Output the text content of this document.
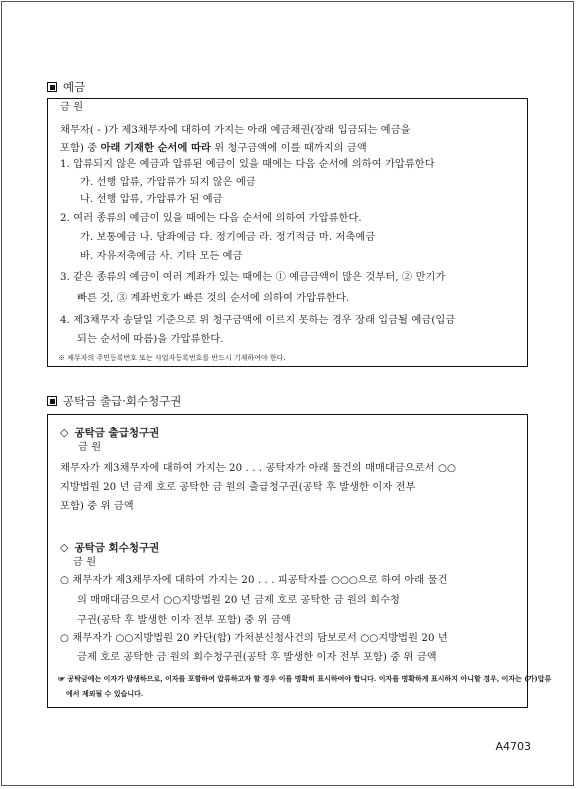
예금
금 원
채무자( - )가 제3채무자에 대하여 가지는 아래 예금채권(장래 입금되는 예금을
포함) 중 아래 기재한 순서에 따라 위 청구금액에 이를 때까지의 금액
1. 압류되지 않은 예금과 압류된 예금이 있을 때에는 다음 순서에 의하여 가압류한다
가. 선행 압류, 가압류가 되지 않은 예금
나. 선행 압류, 가압류가 된 예금
2. 여러 종류의 예금이 있을 때에는 다음 순서에 의하여 가압류한다.
가. 보통예금 나. 당좌예금 다. 정기예금 라. 정기적금 마. 저축예금
바. 자유저축예금 사. 기타 모든 예금
3. 같은 종류의 예금이 여러 계좌가 있는 때에는 ① 예금금액이 많은 것부터, ② 만기가
빠른 것, ③ 계좌번호가 빠른 것의 순서에 의하여 가압류한다.
4. 제3채무자 송달일 기준으로 위 청구금액에 이르지 못하는 경우 장래 입금될 예금(입금
되는 순서에 따름)을 가압류한다.
※ 채무자의 주민등록번호 또는 사업자등록번호를 반드시 기재하여야 한다.
공탁금 출급·회수청구권
◇ 공탁금 출급청구권
금 원
채무자가 제3채무자에 대하여 가지는 20 . . . 공탁자가 아래 물건의 매매대금으로서 ○○
지방법원 20 년 금제 호로 공탁한 금 원의 출급청구권(공탁 후 발생한 이자 전부
포함) 중 위 금액
◇ 공탁금 회수청구권
금 원
○ 채무자가 제3채무자에 대하여 가지는 20 . . . 피공탁자를 ○○○으로 하여 아래 물건
의 매매대금으로서 ○○지방법원 20 년 금제 호로 공탁한 금 원의 회수청
구권(공탁 후 발생한 이자 전부 포함) 중 위 금액
○ 채무자가 ○○지방법원 20 카단(합) 가처분신청사건의 담보로서 ○○지방법원 20 년
금제 호로 공탁한 금 원의 회수청구권(공탁 후 발생한 이자 전부 포함) 중 위 금액
☞ 공탁금에는 이자가 발생하므로, 이자를 포함하여 압류하고자 할 경우 이를 명확히 표시하여야 합니다. 이자를 명확하게 표시하지 아니할 경우, 이자는 (가)압류
에서 제외될 수 있습니다.
A4703
